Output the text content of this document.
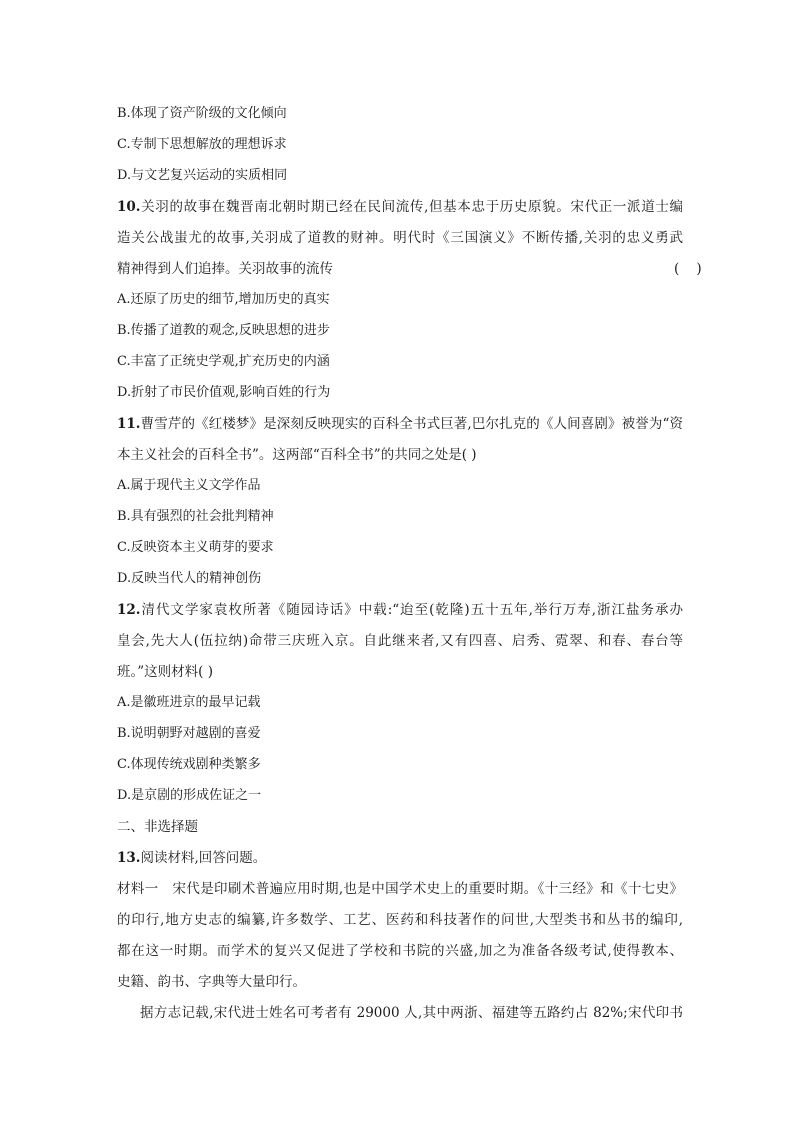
B.体现了资产阶级的文化倾向
C.专制下思想解放的理想诉求
D.与文艺复兴运动的实质相同
10.关羽的故事在魏晋南北朝时期已经在民间流传,但基本忠于历史原貌。宋代正一派道士编
造关公战蚩尤的故事,关羽成了道教的财神。明代时《三国演义》不断传播,关羽的忠义勇武
精神得到人们追捧。关羽故事的流传	(    )
A.还原了历史的细节,增加历史的真实
B.传播了道教的观念,反映思想的进步
C.丰富了正统史学观,扩充历史的内涵
D.折射了市民价值观,影响百姓的行为
11.曹雪芹的《红楼梦》是深刻反映现实的百科全书式巨著,巴尔扎克的《人间喜剧》被誉为“资
本主义社会的百科全书”。这两部“百科全书”的共同之处是( )
A.属于现代主义文学作品
B.具有强烈的社会批判精神
C.反映资本主义萌芽的要求
D.反映当代人的精神创伤
12.清代文学家袁枚所著《随园诗话》中载:“迨至(乾隆)五十五年,举行万寿,浙江盐务承办
皇会,先大人(伍拉纳)命带三庆班入京。自此继来者,又有四喜、启秀、霓翠、和春、春台等
班。”这则材料( )
A.是徽班进京的最早记载
B.说明朝野对越剧的喜爱
C.体现传统戏剧种类繁多
D.是京剧的形成佐证之一
二、非选择题
13.阅读材料,回答问题。
材料一　宋代是印刷术普遍应用时期,也是中国学术史上的重要时期。《十三经》和《十七史》
的印行,地方史志的编纂,许多数学、工艺、医药和科技著作的问世,大型类书和丛书的编印,
都在这一时期。而学术的复兴又促进了学校和书院的兴盛,加之为准备各级考试,使得教本、
史籍、韵书、字典等大量印行。
据方志记载,宋代进士姓名可考者有 29000 人,其中两浙、福建等五路约占 82%;宋代印书
